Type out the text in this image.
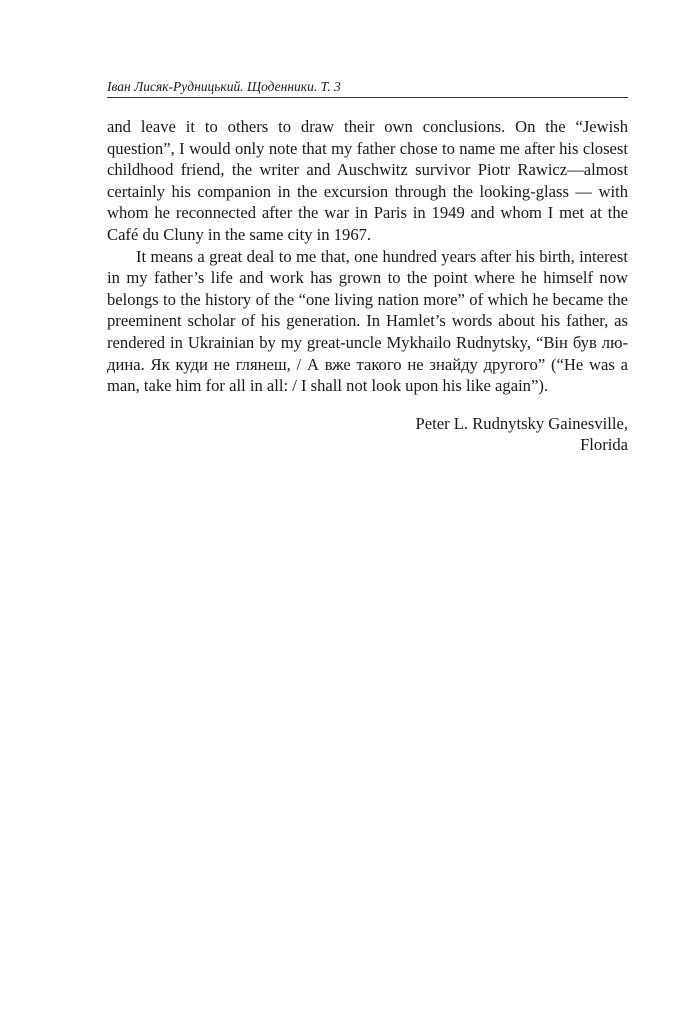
Іван Лисяк-Рудницький. Щоденники. Т. 3

and leave it to others to draw their own conclusions. On the “Jewish question”, I would only note that my father chose to name me after his closest childhood friend, the writer and Auschwitz survivor Piotr Rawicz—almost certainly his companion in the excursion through the looking-glass — with whom he reconnected after the war in Paris in 1949 and whom I met at the Café du Cluny in the same city in 1967.

It means a great deal to me that, one hundred years after his birth, interest in my father’s life and work has grown to the point where he himself now belongs to the history of the “one living nation more” of which he became the preeminent scholar of his generation. In Hamlet’s words about his father, as rendered in Ukrainian by my great-uncle Mykhailo Rudnytsky, “Він був людина. Як куди не глянеш, / А вже такого не знайду другого” (“He was a man, take him for all in all: / I shall not look upon his like again”).

Peter L. Rudnytsky Gainesville,
Florida
